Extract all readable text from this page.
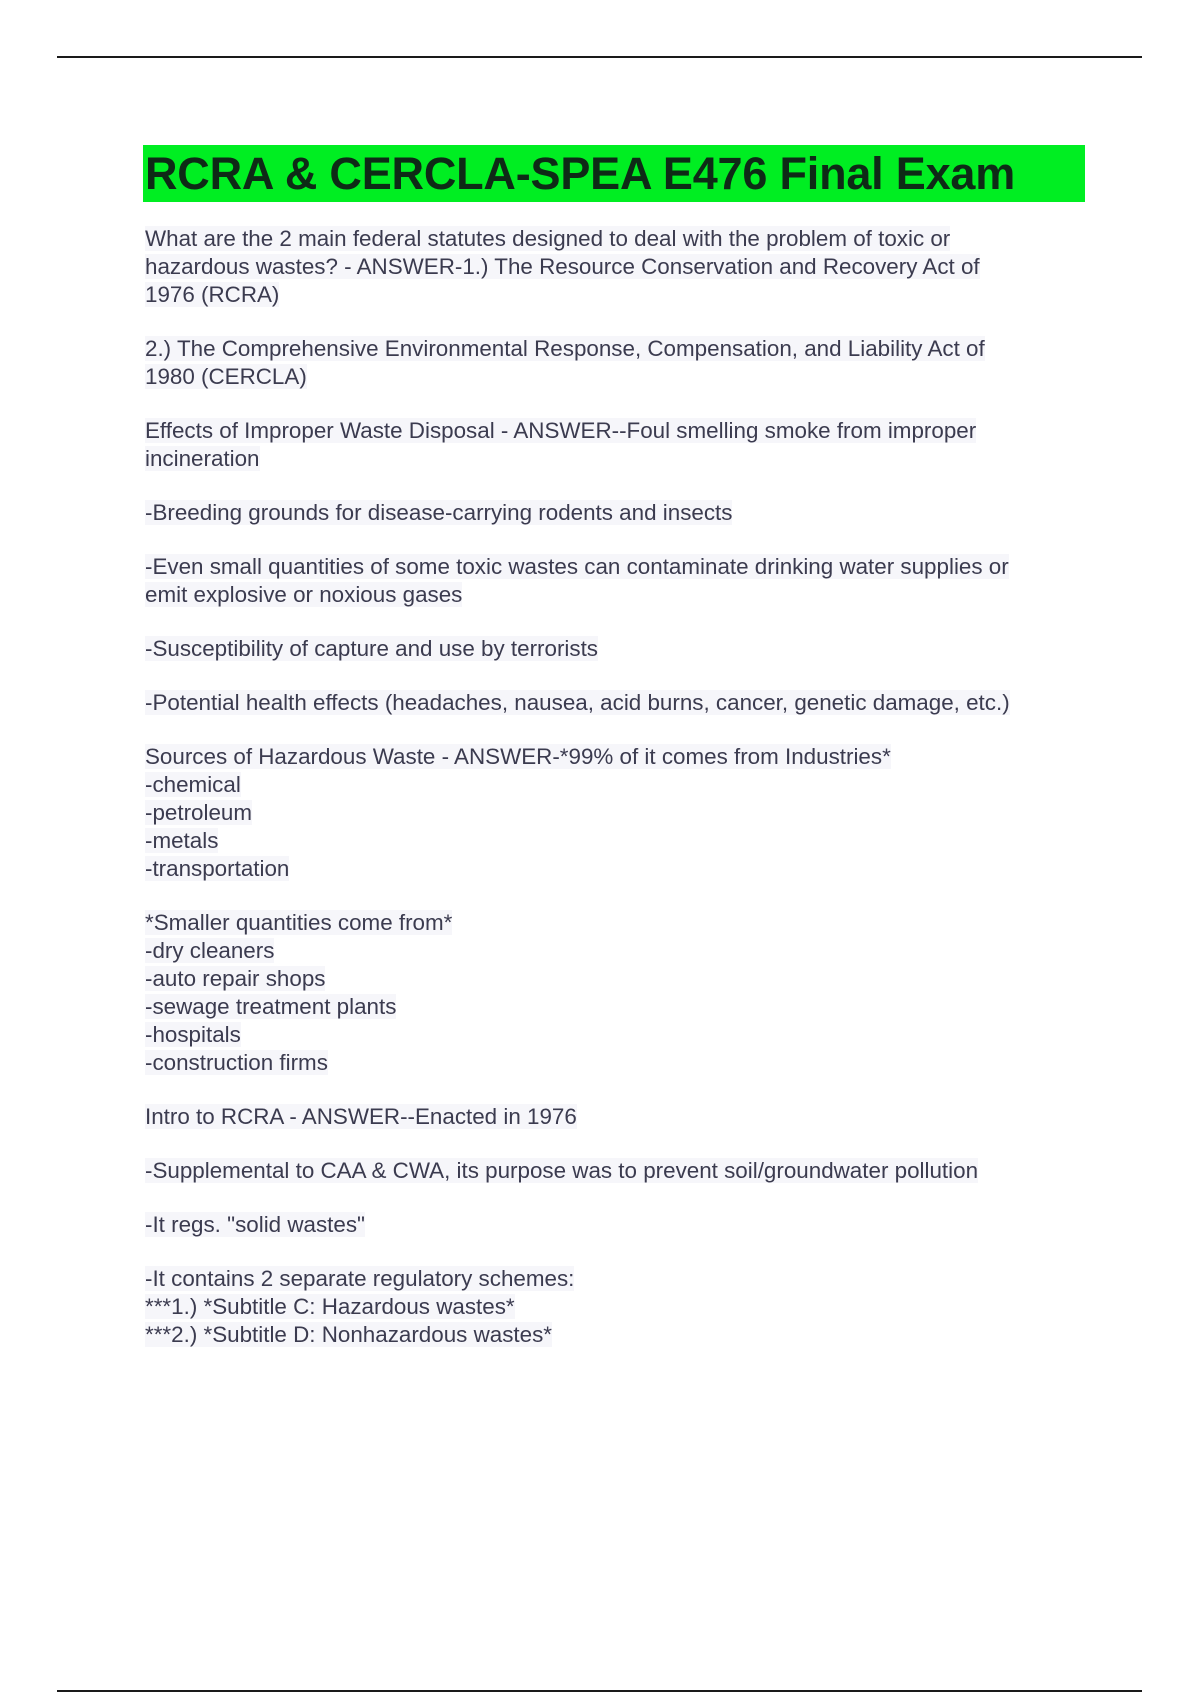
RCRA & CERCLA-SPEA E476 Final Exam
What are the 2 main federal statutes designed to deal with the problem of toxic or
hazardous wastes? - ANSWER-1.) The Resource Conservation and Recovery Act of
1976 (RCRA)
2.) The Comprehensive Environmental Response, Compensation, and Liability Act of
1980 (CERCLA)
Effects of Improper Waste Disposal - ANSWER--Foul smelling smoke from improper
incineration
-Breeding grounds for disease-carrying rodents and insects
-Even small quantities of some toxic wastes can contaminate drinking water supplies or
emit explosive or noxious gases
-Susceptibility of capture and use by terrorists
-Potential health effects (headaches, nausea, acid burns, cancer, genetic damage, etc.)
Sources of Hazardous Waste - ANSWER-*99% of it comes from Industries*
-chemical
-petroleum
-metals
-transportation
*Smaller quantities come from*
-dry cleaners
-auto repair shops
-sewage treatment plants
-hospitals
-construction firms
Intro to RCRA - ANSWER--Enacted in 1976
-Supplemental to CAA & CWA, its purpose was to prevent soil/groundwater pollution
-It regs. "solid wastes"
-It contains 2 separate regulatory schemes:
***1.) *Subtitle C: Hazardous wastes*
***2.) *Subtitle D: Nonhazardous wastes*
